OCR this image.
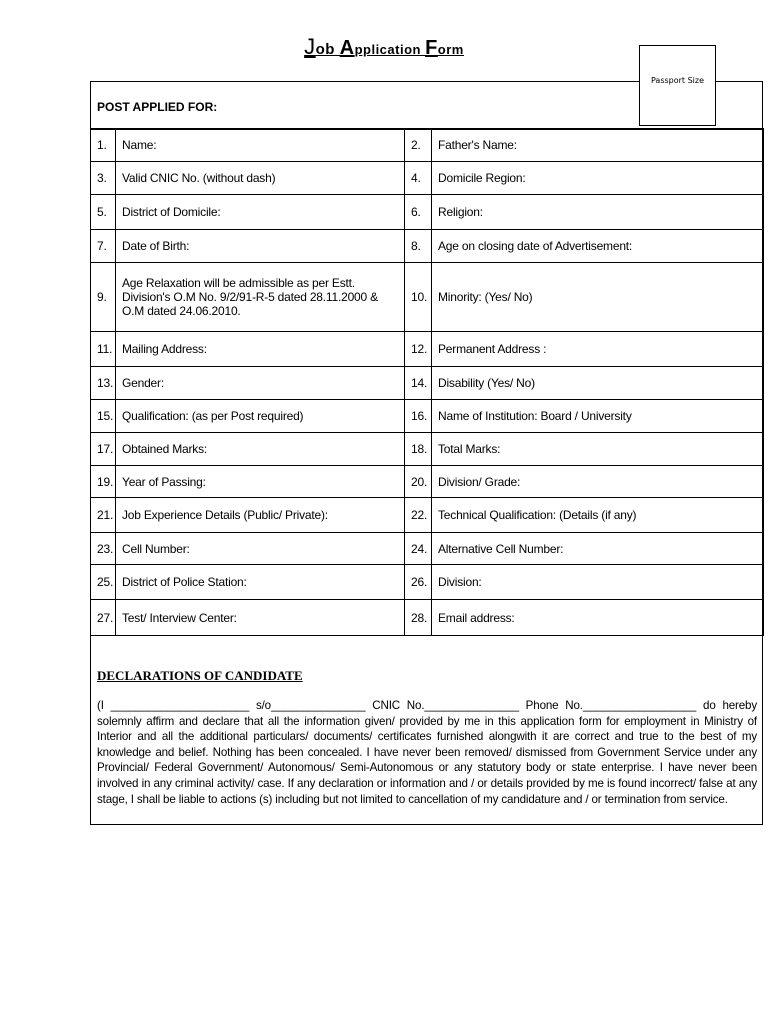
Job Application Form
POST APPLIED FOR:
1.	Name:	2.	Father's Name:
3.	Valid CNIC No. (without dash)	4.	Domicile Region:
5.	District of Domicile:	6.	Religion:
7.	Date of Birth:	8.	Age on closing date of Advertisement:
9.	Age Relaxation will be admissible as per Estt. Division's O.M No. 9/2/91-R-5 dated 28.11.2000 & O.M dated 24.06.2010.	10.	Minority: (Yes/ No)
11.	Mailing Address:	12.	Permanent Address :
13.	Gender:	14.	Disability (Yes/ No)
15.	Qualification: (as per Post required)	16.	Name of Institution: Board / University
17.	Obtained Marks:	18.	Total Marks:
19.	Year of Passing:	20.	Division/ Grade:
21.	Job Experience Details (Public/ Private):	22.	Technical Qualification: (Details (if any)
23.	Cell Number:	24.	Alternative Cell Number:
25.	District of Police Station:	26.	Division:
27.	Test/ Interview Center:	28.	Email address:
Passport Size

DECLARATIONS OF CANDIDATE

(I ______________________ s/o_______________ CNIC No._______________ Phone No.__________________ do hereby solemnly affirm and declare that all the information given/ provided by me in this application form for employment in Ministry of Interior and all the additional particulars/ documents/ certificates furnished alongwith it are correct and true to the best of my knowledge and belief. Nothing has been concealed. I have never been removed/ dismissed from Government Service under any Provincial/ Federal Government/ Autonomous/ Semi-Autonomous or any statutory body or state enterprise. I have never been involved in any criminal activity/ case. If any declaration or information and / or details provided by me is found incorrect/ false at any stage, I shall be liable to actions (s) including but not limited to cancellation of my candidature and / or termination from service.
